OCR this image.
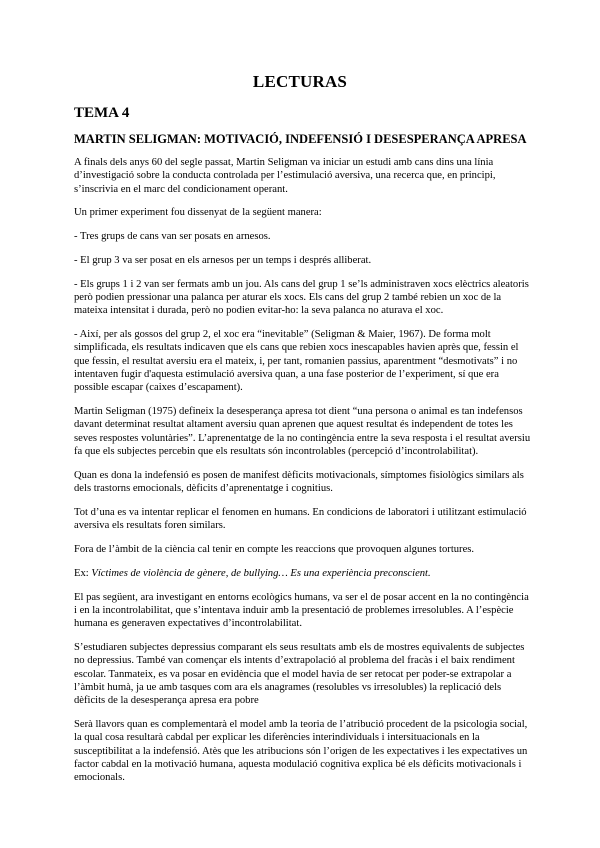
LECTURAS
TEMA 4
MARTIN SELIGMAN: MOTIVACIÓ, INDEFENSIÓ I DESESPERANÇA APRESA

A finals dels anys 60 del segle passat, Martin Seligman va iniciar un estudi amb cans dins una línia d’investigació sobre la conducta controlada per l’estimulació aversiva, una recerca que, en principi, s’inscrivia en el marc del condicionament operant.

Un primer experiment fou dissenyat de la següent manera:

- Tres grups de cans van ser posats en arnesos.

- El grup 3 va ser posat en els arnesos per un temps i després alliberat.

- Els grups 1 i 2 van ser fermats amb un jou. Als cans del grup 1 se’ls administraven xocs elèctrics aleatoris però podien pressionar una palanca per aturar els xocs. Els cans del grup 2 també rebien un xoc de la mateixa intensitat i durada, però no podien evitar-ho: la seva palanca no aturava el xoc.

- Així, per als gossos del grup 2, el xoc era “inevitable” (Seligman & Maier, 1967). De forma molt simplificada, els resultats indicaven que els cans que rebien xocs inescapables havien après que, fessin el que fessin, el resultat aversiu era el mateix, i, per tant, romanien passius, aparentment “desmotivats” i no intentaven fugir d'aquesta estimulació aversiva quan, a una fase posterior de l’experiment, sí que era possible escapar (caixes d’escapament).

Martin Seligman (1975) defineix la desesperança apresa tot dient “una persona o animal es tan indefensos davant determinat resultat altament aversiu quan aprenen que aquest resultat és independent de totes les seves respostes voluntàries”. L’aprenentatge de la no contingència entre la seva resposta i el resultat aversiu fa que els subjectes percebin que els resultats són incontrolables (percepció d’incontrolabilitat).

Quan es dona la indefensió es posen de manifest dèficits motivacionals, símptomes fisiològics similars als dels trastorns emocionals, dèficits d’aprenentatge i cognitius.

Tot d’una es va intentar replicar el fenomen en humans. En condicions de laboratori i utilitzant estimulació aversiva els resultats foren similars.

Fora de l’àmbit de la ciència cal tenir en compte les reaccions que provoquen algunes tortures.

Ex: Víctimes de violència de gènere, de bullying… Es una experiència preconscient.

El pas següent, ara investigant en entorns ecològics humans, va ser el de posar accent en la no contingència i en la incontrolabilitat, que s’intentava induir amb la presentació de problemes irresolubles. A l’espècie humana es generaven expectatives d’incontrolabilitat.

S’estudiaren subjectes depressius comparant els seus resultats amb els de mostres equivalents de subjectes no depressius. També van començar els intents d’extrapolació al problema del fracàs i el baix rendiment escolar. Tanmateix, es va posar en evidència que el model havia de ser retocat per poder-se extrapolar a l’àmbit humà, ja ue amb tasques com ara els anagrames (resolubles vs irresolubles) la replicació dels dèficits de la desesperança apresa era pobre

Serà llavors quan es complementarà el model amb la teoria de l’atribució procedent de la psicologia social, la qual cosa resultarà cabdal per explicar les diferències interindividuals i intersituacionals en la susceptibilitat a la indefensió. Atès que les atribucions són l’origen de les expectatives i les expectatives un factor cabdal en la motivació humana, aquesta modulació cognitiva explica bé els dèficits motivacionals i emocionals.
